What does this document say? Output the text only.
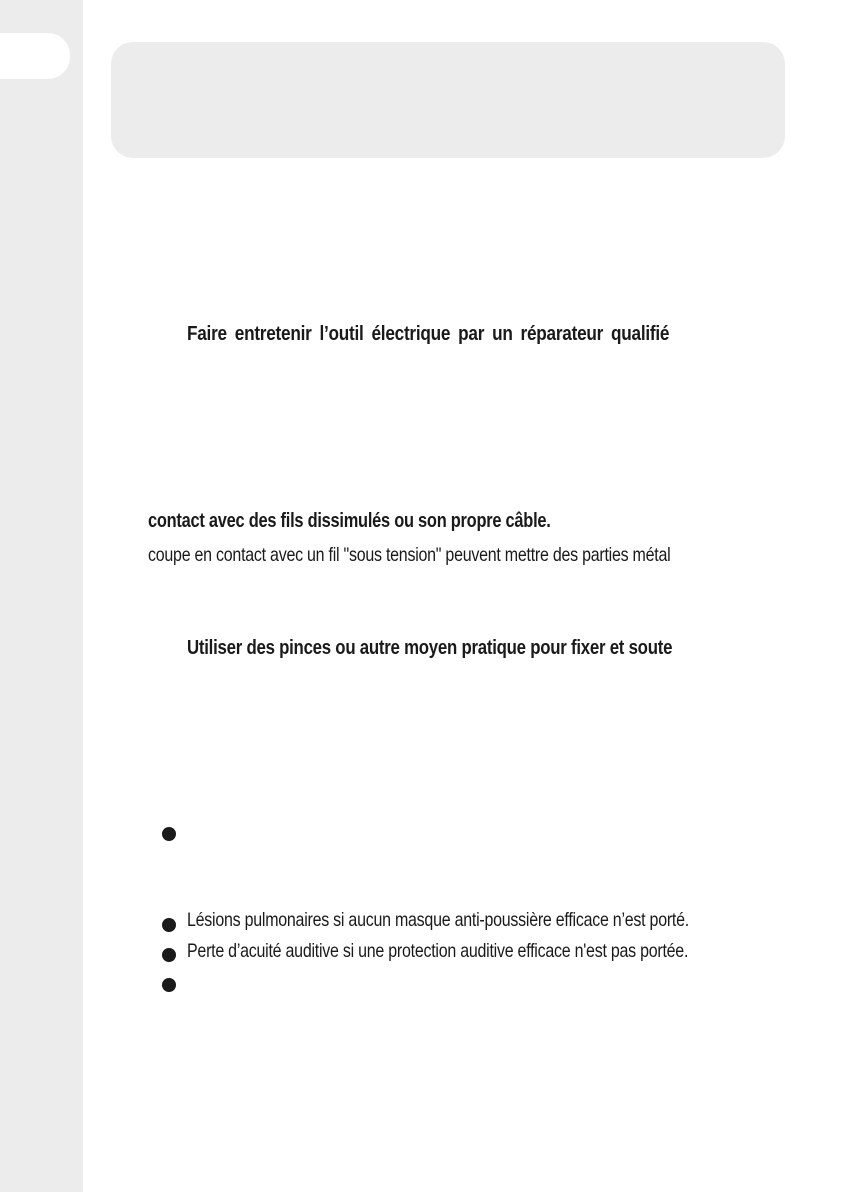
Faire entretenir l’outil électrique par un réparateur qualifié
contact avec des fils dissimulés ou son propre câble.
coupe en contact avec un fil "sous tension" peuvent mettre des parties métal
Utiliser des pinces ou autre moyen pratique pour fixer et soute
Lésions pulmonaires si aucun masque anti-poussière efficace n’est porté.
Perte d’acuité auditive si une protection auditive efficace n'est pas portée.
